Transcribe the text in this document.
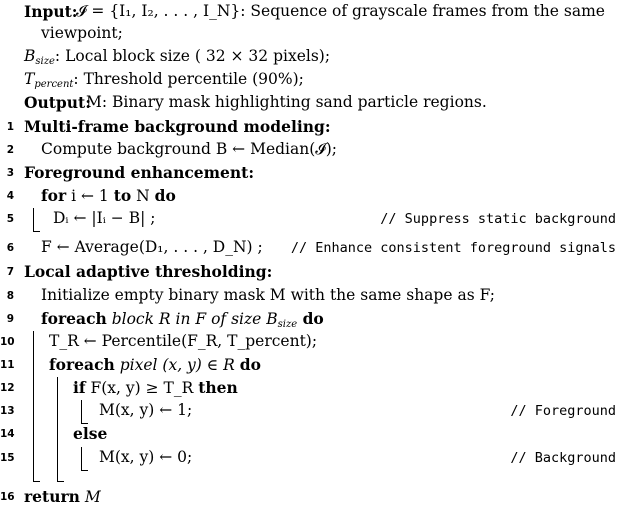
Input:
𝓘 = {I₁, I₂, . . . , I_N}: Sequence of grayscale frames from the same
viewpoint;
$B_{size}$: Local block size ( 32 × 32 pixels);
$T_{percent}$: Threshold percentile (90%);
Output:
M: Binary mask highlighting sand particle regions.
1 Multi-frame background modeling:
2 Compute background B ← Median(𝓘);
3 Foreground enhancement:
4 for i ← 1 to N do
5	Dᵢ ← |Iᵢ − B| ;	// Suppress static background
6 F ← Average(D₁, . . . , D_N) ; // Enhance consistent foreground signals
7 Local adaptive thresholding:
8 Initialize empty binary mask M with the same shape as F;
9 foreach block R in F of size $B_{size}$ do
10 T_R ← Percentile(F_R, T_percent);
11 foreach pixel (x, y) ∈ R do
12	if F(x, y) ≥ T_R then
13	M(x, y) ← 1;	// Foreground
14	else
15	M(x, y) ← 0;	// Background
16 return M
